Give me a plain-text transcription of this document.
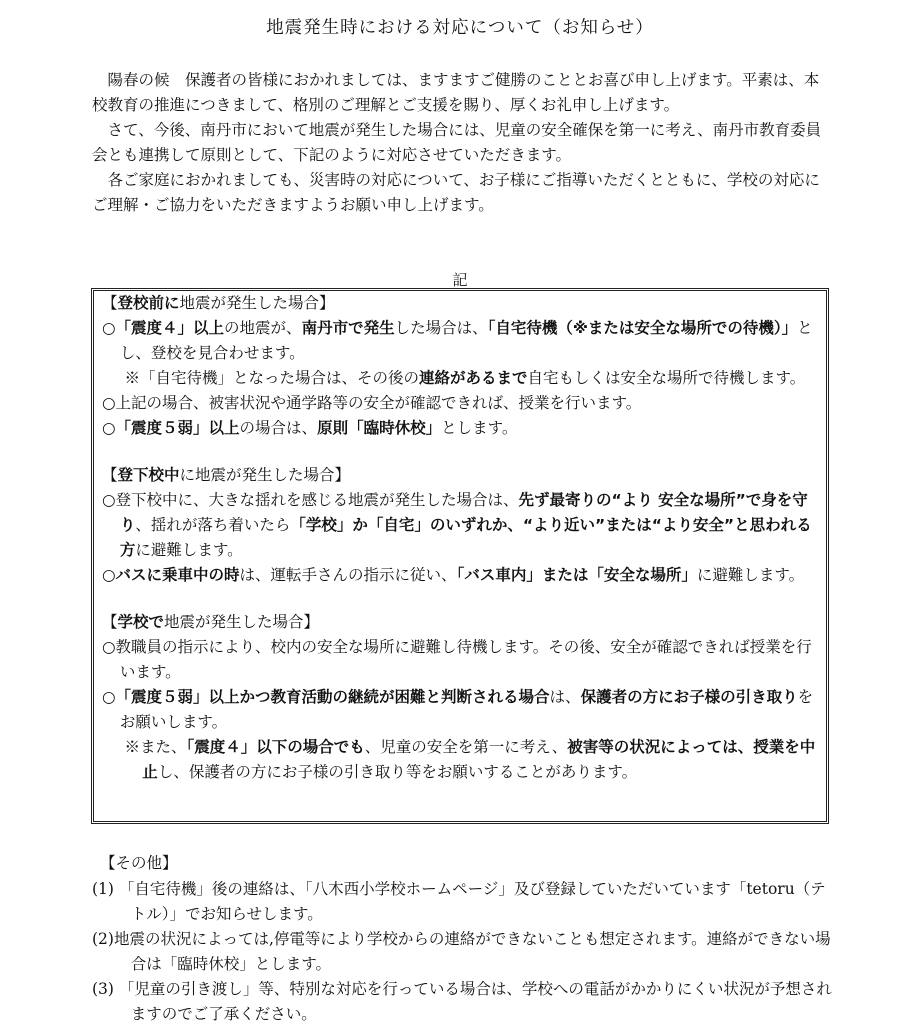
地震発生時における対応について（お知らせ）

陽春の候　保護者の皆様におかれましては、ますますご健勝のこととお喜び申し上げます。平素は、本校教育の推進につきまして、格別のご理解とご支援を賜り、厚くお礼申し上げます。

さて、今後、南丹市において地震が発生した場合には、児童の安全確保を第一に考え、南丹市教育委員会とも連携して原則として、下記のように対応させていただきます。

各ご家庭におかれましても、災害時の対応について、お子様にご指導いただくとともに、学校の対応にご理解・ご協力をいただきますようお願い申し上げます。

記

【登校前に地震が発生した場合】

○「震度４」以上の地震が、南丹市で発生した場合は、「自宅待機（※または安全な場所での待機）」とし、登校を見合わせます。

※「自宅待機」となった場合は、その後の連絡があるまで自宅もしくは安全な場所で待機します。

○上記の場合、被害状況や通学路等の安全が確認できれば、授業を行います。

○「震度５弱」以上の場合は、原則「臨時休校」とします。

【登下校中に地震が発生した場合】

○登下校中に、大きな揺れを感じる地震が発生した場合は、先ず最寄りの“より 安全な場所”で身を守り、揺れが落ち着いたら「学校」か「自宅」のいずれか、“より近い”または“より安全”と思われる方に避難します。

○バスに乗車中の時は、運転手さんの指示に従い、「バス車内」または「安全な場所」に避難します。

【学校で地震が発生した場合】

○教職員の指示により、校内の安全な場所に避難し待機します。その後、安全が確認できれば授業を行います。

○「震度５弱」以上かつ教育活動の継続が困難と判断される場合は、保護者の方にお子様の引き取りをお願いします。

※また、「震度４」以下の場合でも、児童の安全を第一に考え、被害等の状況によっては、授業を中止し、保護者の方にお子様の引き取り等をお願いすることがあります。

【その他】

(1) 「自宅待機」後の連絡は、「八木西小学校ホームページ」及び登録していただいています「tetoru（テトル）」でお知らせします。

(2)地震の状況によっては,停電等により学校からの連絡ができないことも想定されます。連絡ができない場合は「臨時休校」とします。

(3) 「児童の引き渡し」等、特別な対応を行っている場合は、学校への電話がかかりにくい状況が予想されますのでご了承ください。
